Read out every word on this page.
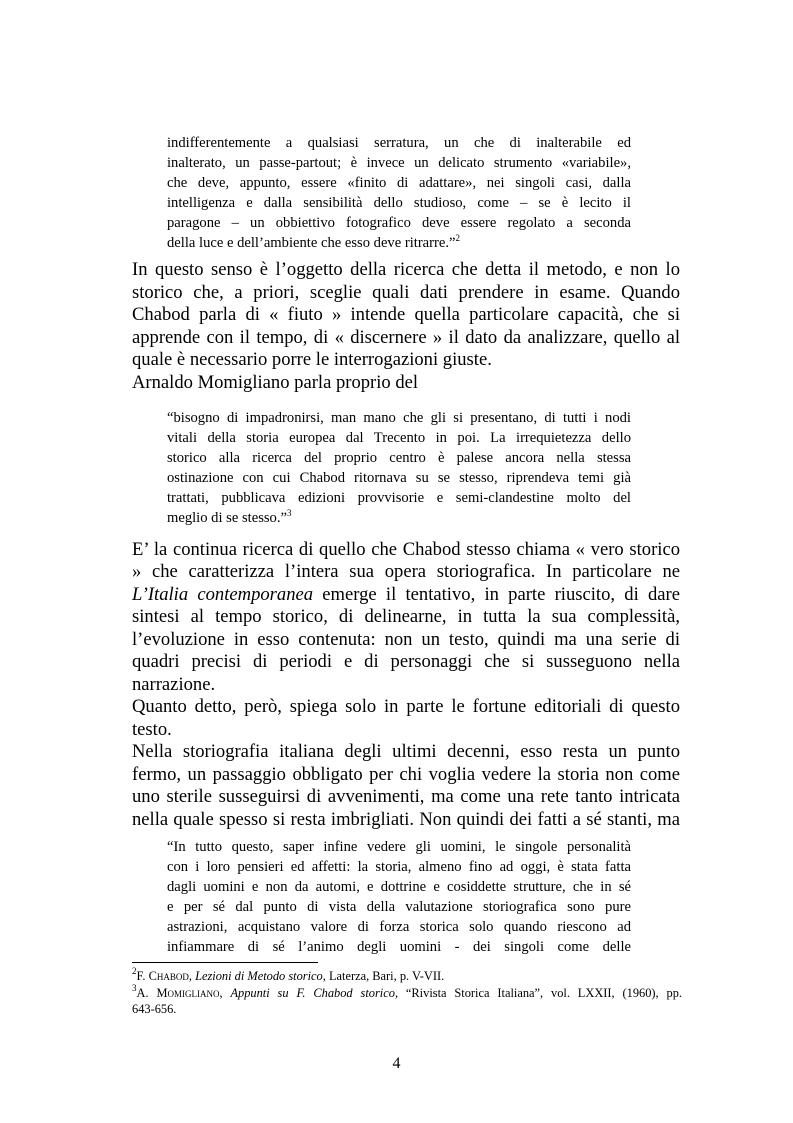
indifferentemente a qualsiasi serratura, un che di inalterabile ed

inalterato, un passe-partout; è invece un delicato strumento «variabile»,

che deve, appunto, essere «finito di adattare», nei singoli casi, dalla

intelligenza e dalla sensibilità dello studioso, come – se è lecito il

paragone – un obbiettivo fotografico deve essere regolato a seconda

della luce e dell’ambiente che esso deve ritrarre.”$^2$

In questo senso è l’oggetto della ricerca che detta il metodo, e non lo

storico che, a priori, sceglie quali dati prendere in esame. Quando

Chabod parla di « fiuto » intende quella particolare capacità, che si

apprende con il tempo, di « discernere » il dato da analizzare, quello al

quale è necessario porre le interrogazioni giuste.

Arnaldo Momigliano parla proprio del

“bisogno di impadronirsi, man mano che gli si presentano, di tutti i nodi

vitali della storia europea dal Trecento in poi. La irrequietezza dello

storico alla ricerca del proprio centro è palese ancora nella stessa

ostinazione con cui Chabod ritornava su se stesso, riprendeva temi già

trattati, pubblicava edizioni provvisorie e semi-clandestine molto del

meglio di se stesso.”$^3$

E’ la continua ricerca di quello che Chabod stesso chiama « vero storico

» che caratterizza l’intera sua opera storiografica. In particolare ne

L’Italia contemporanea emerge il tentativo, in parte riuscito, di dare

sintesi al tempo storico, di delinearne, in tutta la sua complessità,

l’evoluzione in esso contenuta: non un testo, quindi ma una serie di

quadri precisi di periodi e di personaggi che si susseguono nella

narrazione.

Quanto detto, però, spiega solo in parte le fortune editoriali di questo

testo.

Nella storiografia italiana degli ultimi decenni, esso resta un punto

fermo, un passaggio obbligato per chi voglia vedere la storia non come

uno sterile susseguirsi di avvenimenti, ma come una rete tanto intricata

nella quale spesso si resta imbrigliati. Non quindi dei fatti a sé stanti, ma

“In tutto questo, saper infine vedere gli uomini, le singole personalità

con i loro pensieri ed affetti: la storia, almeno fino ad oggi, è stata fatta

dagli uomini e non da automi, e dottrine e cosiddette strutture, che in sé

e per sé dal punto di vista della valutazione storiografica sono pure

astrazioni, acquistano valore di forza storica solo quando riescono ad

infiammare di sé l’animo degli uomini - dei singoli come delle

$^2$F. Chabod, Lezioni di Metodo storico, Laterza, Bari, p. V-VII.

$^3$A. Momigliano, Appunti su F. Chabod storico, “Rivista Storica Italiana”, vol. LXXII, (1960), pp.

643-656.

4
